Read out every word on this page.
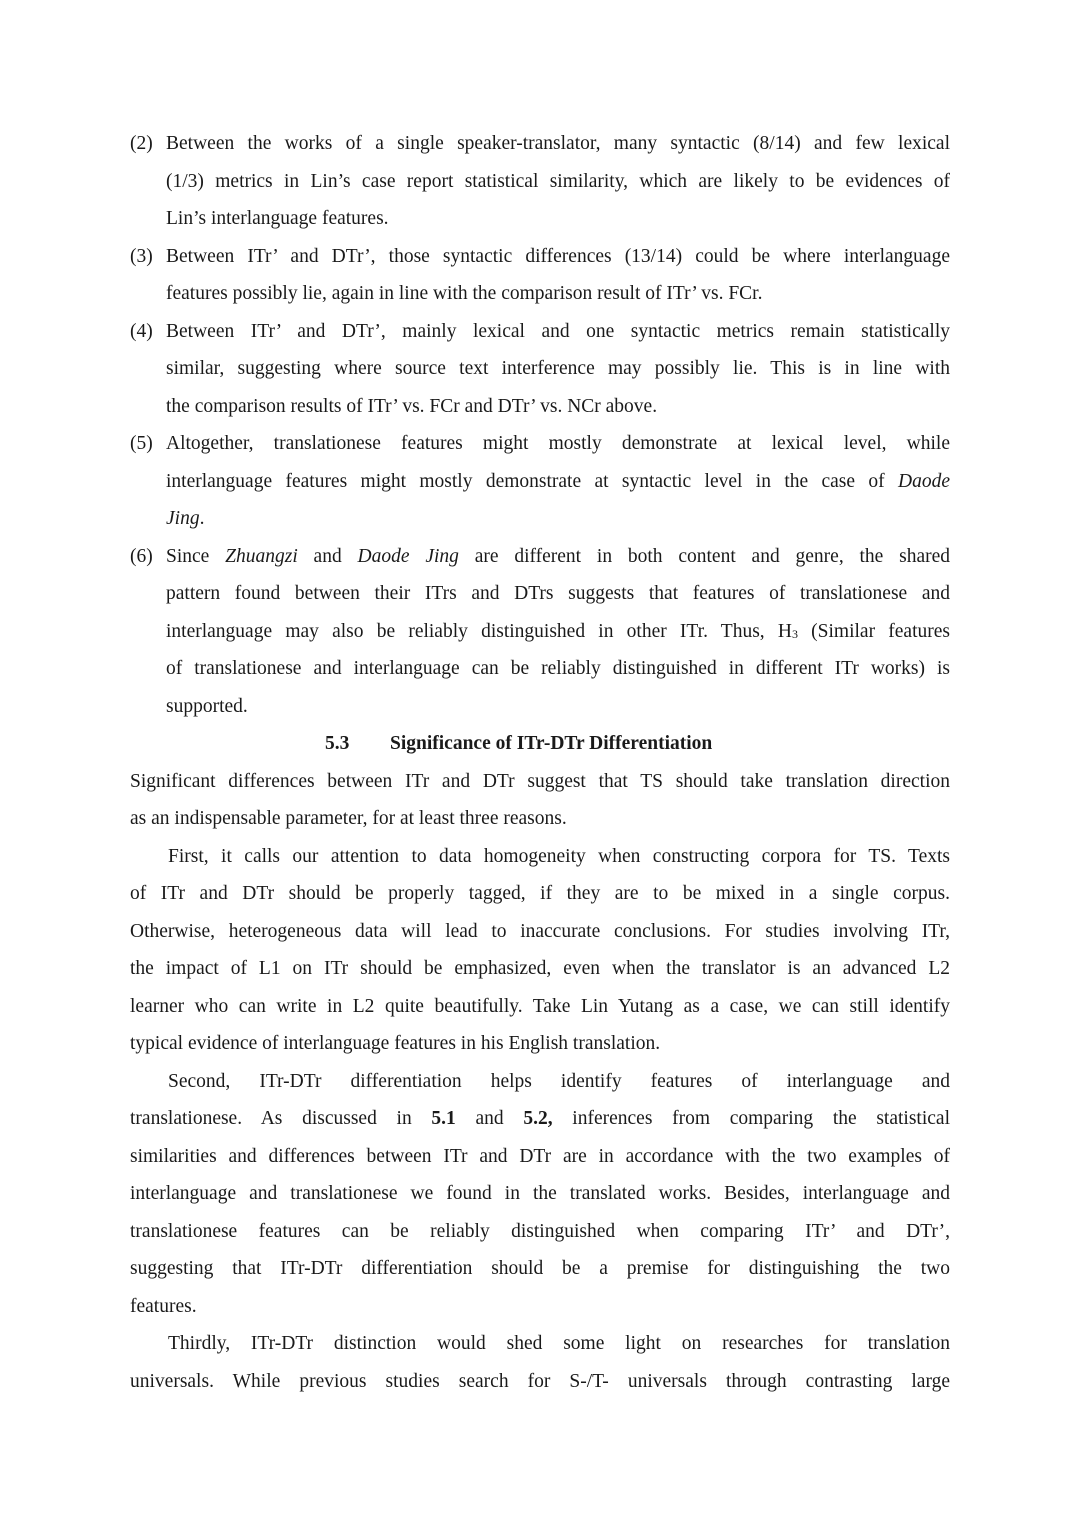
(2) Between the works of a single speaker-translator, many syntactic (8/14) and few lexical
(1/3) metrics in Lin’s case report statistical similarity, which are likely to be evidences of
Lin’s interlanguage features.
(3) Between ITr’ and DTr’, those syntactic differences (13/14) could be where interlanguage
features possibly lie, again in line with the comparison result of ITr’ vs. FCr.
(4) Between ITr’ and DTr’, mainly lexical and one syntactic metrics remain statistically
similar, suggesting where source text interference may possibly lie. This is in line with
the comparison results of ITr’ vs. FCr and DTr’ vs. NCr above.
(5) Altogether, translationese features might mostly demonstrate at lexical level, while
interlanguage features might mostly demonstrate at syntactic level in the case of Daode
Jing.
(6) Since Zhuangzi and Daode Jing are different in both content and genre, the shared
pattern found between their ITrs and DTrs suggests that features of translationese and
interlanguage may also be reliably distinguished in other ITr. Thus, $H_3$ (Similar features
of translationese and interlanguage can be reliably distinguished in different ITr works) is
supported.
5.3 Significance of ITr-DTr Differentiation
Significant differences between ITr and DTr suggest that TS should take translation direction
as an indispensable parameter, for at least three reasons.
First, it calls our attention to data homogeneity when constructing corpora for TS. Texts
of ITr and DTr should be properly tagged, if they are to be mixed in a single corpus.
Otherwise, heterogeneous data will lead to inaccurate conclusions. For studies involving ITr,
the impact of L1 on ITr should be emphasized, even when the translator is an advanced L2
learner who can write in L2 quite beautifully. Take Lin Yutang as a case, we can still identify
typical evidence of interlanguage features in his English translation.
Second, ITr-DTr differentiation helps identify features of interlanguage and
translationese. As discussed in 5.1 and 5.2, inferences from comparing the statistical
similarities and differences between ITr and DTr are in accordance with the two examples of
interlanguage and translationese we found in the translated works. Besides, interlanguage and
translationese features can be reliably distinguished when comparing ITr’ and DTr’,
suggesting that ITr-DTr differentiation should be a premise for distinguishing the two
features.
Thirdly, ITr-DTr distinction would shed some light on researches for translation
universals. While previous studies search for S-/T- universals through contrasting large
